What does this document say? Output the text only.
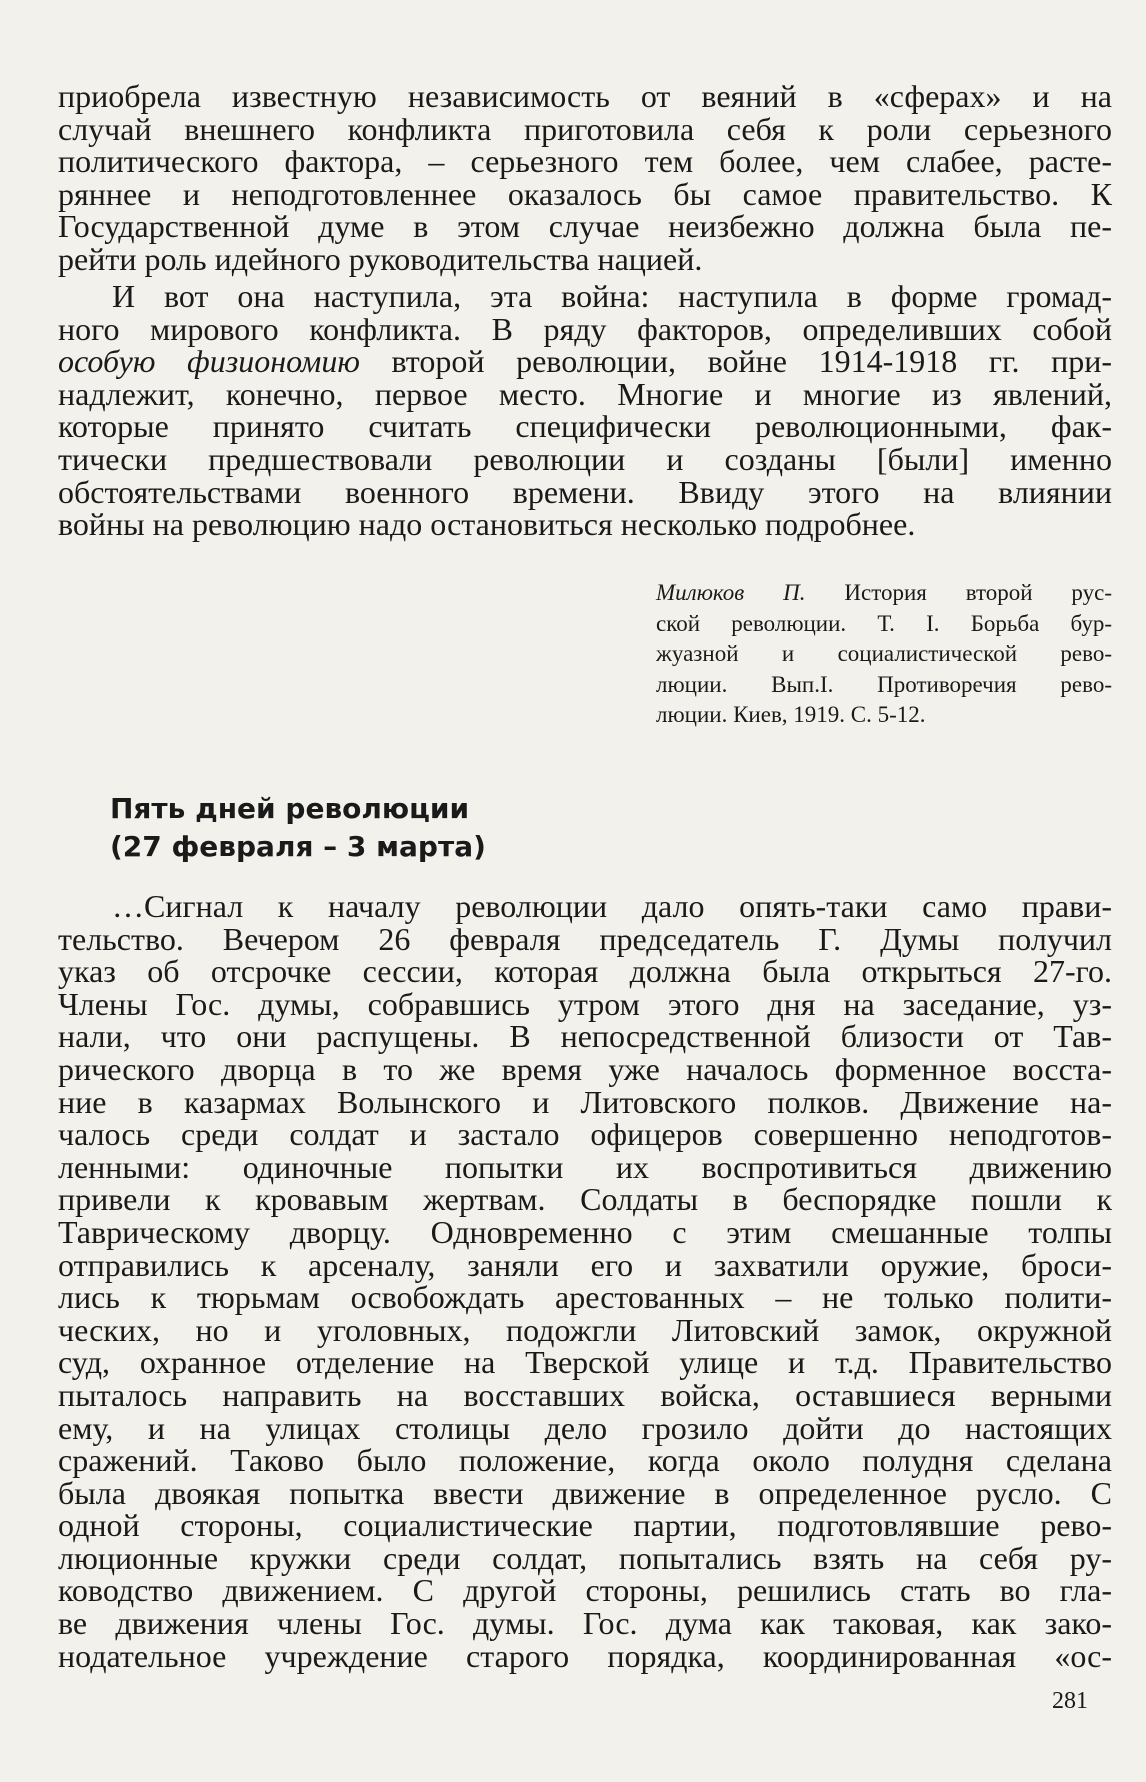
приобрела известную независимость от веяний в «сферах» и на
случай внешнего конфликта приготовила себя к роли серьезного
политического фактора, – серьезного тем более, чем слабее, расте-
ряннее и неподготовленнее оказалось бы самое правительство. К
Государственной думе в этом случае неизбежно должна была пе-
рейти роль идейного руководительства нацией.

И вот она наступила, эта война: наступила в форме громад-
ного мирового конфликта. В ряду факторов, определивших собой
особую физиономию второй революции, войне 1914-1918 гг. при-
надлежит, конечно, первое место. Многие и многие из явлений,
которые принято считать специфически революционными, фак-
тически предшествовали революции и созданы [были] именно
обстоятельствами военного времени. Ввиду этого на влиянии
войны на революцию надо остановиться несколько подробнее.

Милюков П. История второй рус-
ской революции. Т. I. Борьба бур-
жуазной и социалистической рево-
люции. Вып.I. Противоречия рево-
люции. Киев, 1919. С. 5-12.
Пять дней революции
(27 февраля – 3 марта)

…Сигнал к началу революции дало опять-таки само прави-
тельство. Вечером 26 февраля председатель Г. Думы получил
указ об отсрочке сессии, которая должна была открыться 27-го.
Члены Гос. думы, собравшись утром этого дня на заседание, уз-
нали, что они распущены. В непосредственной близости от Тав-
рического дворца в то же время уже началось форменное восста-
ние в казармах Волынского и Литовского полков. Движение на-
чалось среди солдат и застало офицеров совершенно неподготов-
ленными: одиночные попытки их воспротивиться движению
привели к кровавым жертвам. Солдаты в беспорядке пошли к
Таврическому дворцу. Одновременно с этим смешанные толпы
отправились к арсеналу, заняли его и захватили оружие, броси-
лись к тюрьмам освобождать арестованных – не только полити-
ческих, но и уголовных, подожгли Литовский замок, окружной
суд, охранное отделение на Тверской улице и т.д. Правительство
пыталось направить на восставших войска, оставшиеся верными
ему, и на улицах столицы дело грозило дойти до настоящих
сражений. Таково было положение, когда около полудня сделана
была двоякая попытка ввести движение в определенное русло. С
одной стороны, социалистические партии, подготовлявшие рево-
люционные кружки среди солдат, попытались взять на себя ру-
ководство движением. С другой стороны, решились стать во гла-
ве движения члены Гос. думы. Гос. дума как таковая, как зако-
нодательное учреждение старого порядка, координированная «ос-

281
